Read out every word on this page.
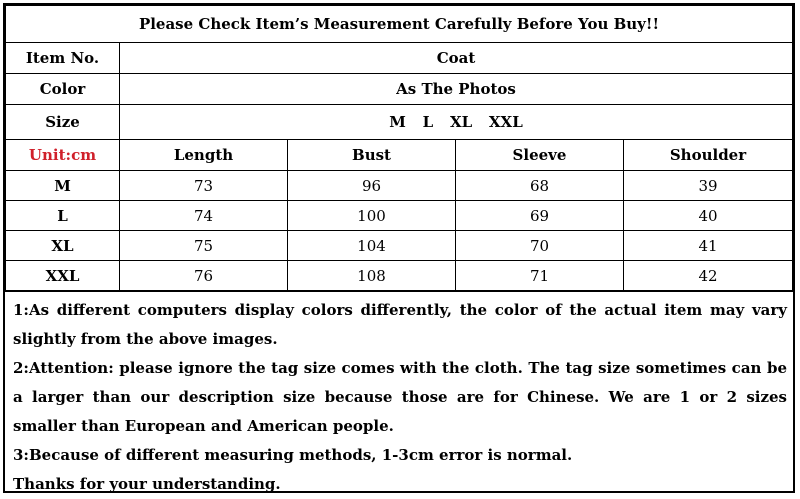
Please Check Item’s Measurement Carefully Before You Buy!!				
Item No.	Coat			
Color	As The Photos			
Size	M L XL XXL			
Unit:cm	Length	Bust	Sleeve	Shoulder
M	73	96	68	39
L	74	100	69	40
XL	75	104	70	41
XXL	76	108	71	42

1:As different computers display colors differently, the color of the actual item may vary slightly from the above images.

2:Attention: please ignore the tag size comes with the cloth. The tag size sometimes can be a larger than our description size because those are for Chinese. We are 1 or 2 sizes smaller than European and American people.

3:Because of different measuring methods, 1-3cm error is normal.

Thanks for your understanding.
